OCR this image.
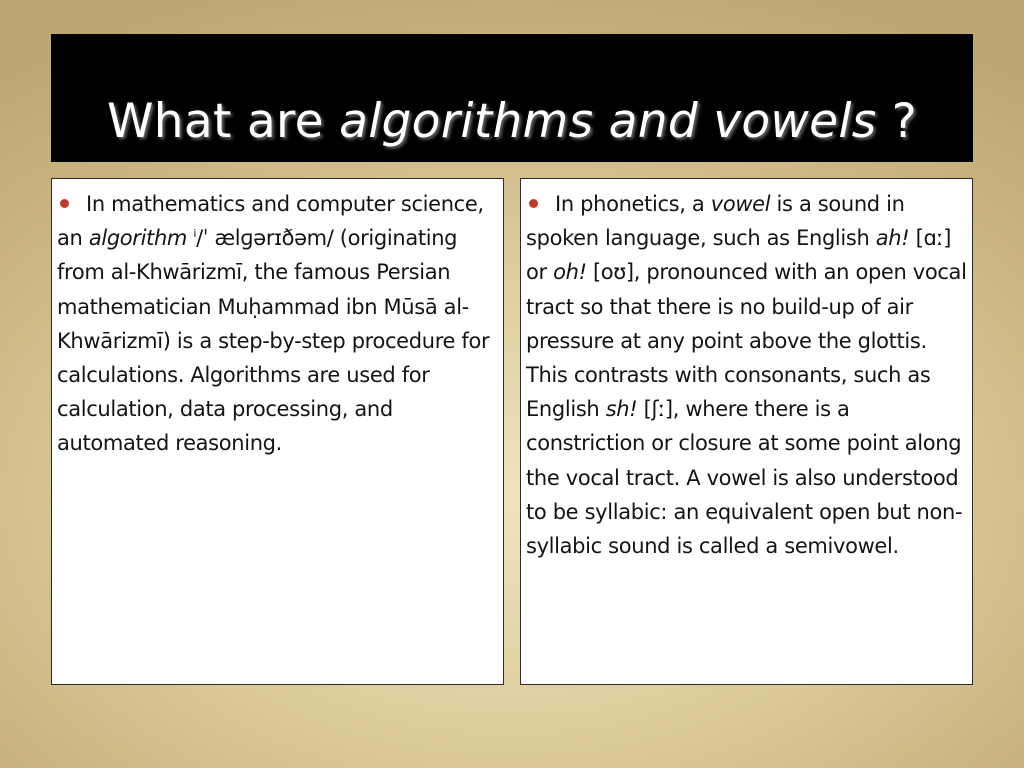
What are algorithms and vowels ?

In mathematics and computer science, an algorithm $^i$/ˈ ælɡərɪðəm/ (originating from al-Khwārizmī, the famous Persian mathematician Muḥammad ibn Mūsā al-Khwārizmī) is a step-by-step procedure for calculations. Algorithms are used for calculation, data processing, and automated reasoning.

In phonetics, a vowel is a sound in spoken language, such as English ah! [ɑː] or oh! [oʊ], pronounced with an open vocal tract so that there is no build-up of air pressure at any point above the glottis. This contrasts with consonants, such as English sh! [ʃː], where there is a constriction or closure at some point along the vocal tract. A vowel is also understood to be syllabic: an equivalent open but non-syllabic sound is called a semivowel.
